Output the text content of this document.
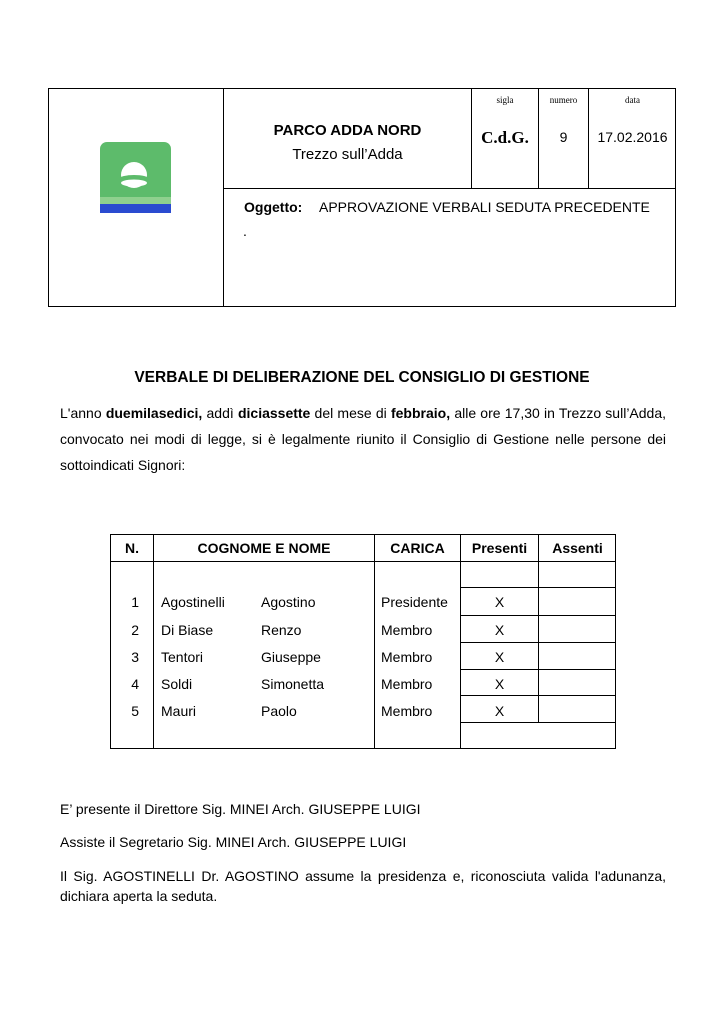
PARCO ADDA NORD
Trezzo sull’Adda
sigla	numero	data
C.d.G.	9	17.02.2016
Oggetto: APPROVAZIONE VERBALI SEDUTA PRECEDENTE
.
VERBALE DI DELIBERAZIONE DEL CONSIGLIO DI GESTIONE
L'anno duemilasedici, addì diciassette del mese di febbraio, alle ore 17,30 in Trezzo sull’Adda, convocato nei modi di legge, si è legalmente riunito il Consiglio di Gestione nelle persone dei sottoindicati Signori:
N.	COGNOME E NOME	CARICA	Presenti	Assenti
1 Agostinelli	Agostino	Presidente	X
2 Di Biase	Renzo	Membro	X
3 Tentori	Giuseppe	Membro	X
4 Soldi	Simonetta	Membro	X
5 Mauri	Paolo	Membro	X
E’ presente il Direttore Sig. MINEI Arch. GIUSEPPE LUIGI
Assiste il Segretario Sig. MINEI Arch. GIUSEPPE LUIGI
Il Sig. AGOSTINELLI Dr. AGOSTINO assume la presidenza e, riconosciuta valida l'adunanza, dichiara aperta la seduta.
